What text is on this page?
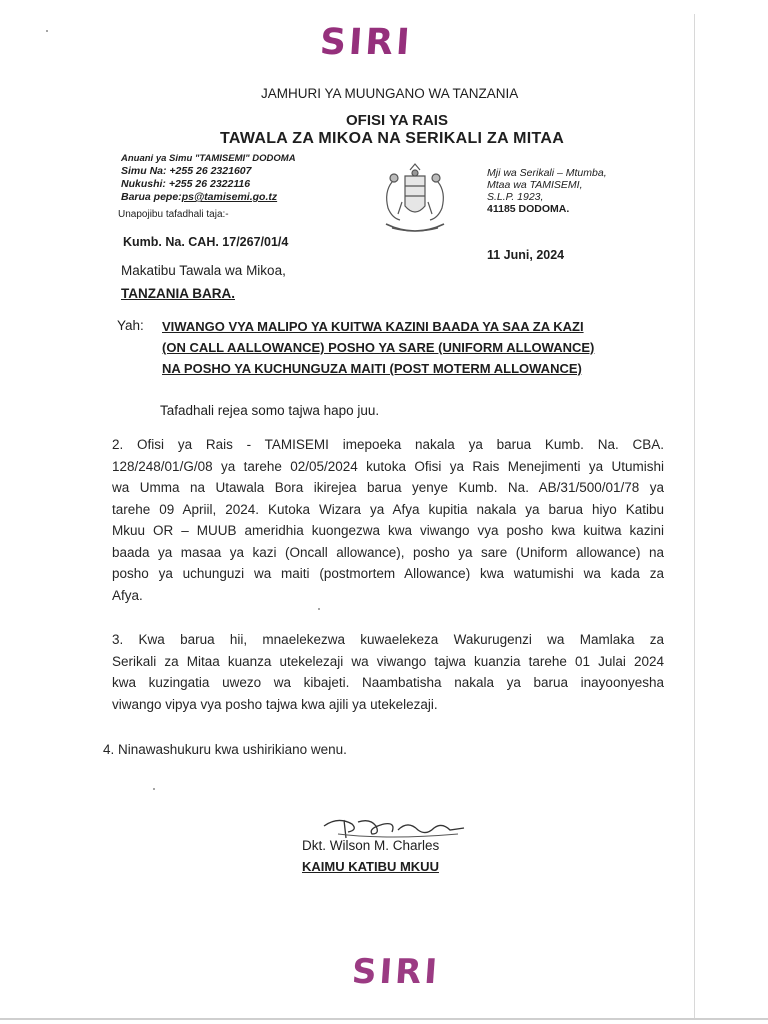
SIRI
JAMHURI YA MUUNGANO WA TANZANIA
OFISI YA RAIS
TAWALA ZA MIKOA NA SERIKALI ZA MITAA
Anuani ya Simu "TAMISEMI" DODOMA
Simu Na: +255 26 2321607
Nukushi: +255 26 2322116
Barua pepe:ps@tamisemi.go.tz
Unapojibu tafadhali taja:-
Mji wa Serikali – Mtumba,
Mtaa wa TAMISEMI,
S.L.P. 1923,
41185 DODOMA.
Kumb. Na. CAH. 17/267/01/4
11 Juni, 2024
Makatibu Tawala wa Mikoa,
TANZANIA BARA.
Yah: VIWANGO VYA MALIPO YA KUITWA KAZINI BAADA YA SAA ZA KAZI
(ON CALL AALLOWANCE) POSHO YA SARE (UNIFORM ALLOWANCE)
NA POSHO YA KUCHUNGUZA MAITI (POST MOTERM ALLOWANCE)
Tafadhali rejea somo tajwa hapo juu.
2. Ofisi ya Rais - TAMISEMI imepoeka nakala ya barua Kumb. Na. CBA.
128/248/01/G/08 ya tarehe 02/05/2024 kutoka Ofisi ya Rais Menejimenti ya Utumishi
wa Umma na Utawala Bora ikirejea barua yenye Kumb. Na. AB/31/500/01/78 ya
tarehe 09 Apriil, 2024. Kutoka Wizara ya Afya kupitia nakala ya barua hiyo Katibu
Mkuu OR – MUUB ameridhia kuongezwa kwa viwango vya posho kwa kuitwa kazini
baada ya masaa ya kazi (Oncall allowance), posho ya sare (Uniform allowance) na
posho ya uchunguzi wa maiti (postmortem Allowance) kwa watumishi wa kada za
Afya.
3. Kwa barua hii, mnaelekezwa kuwaelekeza Wakurugenzi wa Mamlaka za
Serikali za Mitaa kuanza utekelezaji wa viwango tajwa kuanzia tarehe 01 Julai 2024
kwa kuzingatia uwezo wa kibajeti. Naambatisha nakala ya barua inayoonyesha
viwango vipya vya posho tajwa kwa ajili ya utekelezaji.
4. Ninawashukuru kwa ushirikiano wenu.
Dkt. Wilson M. Charles
KAIMU KATIBU MKUU
SIRI
